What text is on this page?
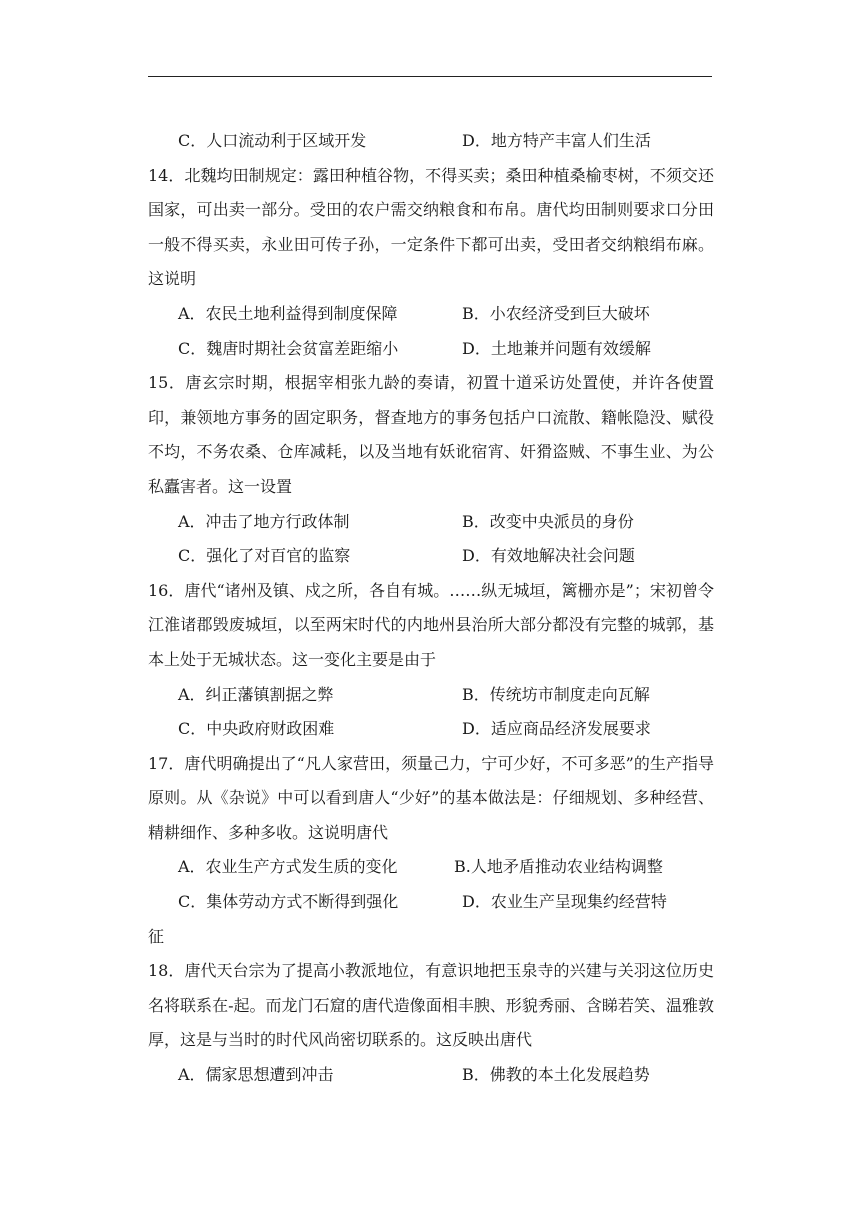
C．人口流动利于区域开发	D．地方特产丰富人们生活
14．北魏均田制规定：露田种植谷物，不得买卖；桑田种植桑榆枣树，不须交还国家，可出卖一部分。受田的农户需交纳粮食和布帛。唐代均田制则要求口分田一般不得买卖，永业田可传子孙，一定条件下都可出卖，受田者交纳粮绢布麻。这说明
A．农民土地利益得到制度保障	B．小农经济受到巨大破坏
C．魏唐时期社会贫富差距缩小	D．土地兼并问题有效缓解
15．唐玄宗时期，根据宰相张九龄的奏请，初置十道采访处置使，并许各使置印，兼领地方事务的固定职务，督查地方的事务包括户口流散、籍帐隐没、赋役不均，不务农桑、仓库减耗，以及当地有妖讹宿宵、奸猾盗贼、不事生业、为公私蠹害者。这一设置
A．冲击了地方行政体制	B．改变中央派员的身份
C．强化了对百官的监察	D．有效地解决社会问题
16．唐代“诸州及镇、戍之所，各自有城。……纵无城垣，篱栅亦是”；宋初曾令江淮诸郡毁废城垣，以至两宋时代的内地州县治所大部分都没有完整的城郭，基本上处于无城状态。这一变化主要是由于
A．纠正藩镇割据之弊	B．传统坊市制度走向瓦解
C．中央政府财政困难	D．适应商品经济发展要求
17．唐代明确提出了“凡人家营田，须量己力，宁可少好，不可多恶”的生产指导原则。从《杂说》中可以看到唐人“少好”的基本做法是：仔细规划、多种经营、精耕细作、多种多收。这说明唐代
A．农业生产方式发生质的变化	B.人地矛盾推动农业结构调整
C．集体劳动方式不断得到强化	D．农业生产呈现集约经营特
征
18．唐代天台宗为了提高小教派地位，有意识地把玉泉寺的兴建与关羽这位历史名将联系在-起。而龙门石窟的唐代造像面相丰腴、形貌秀丽、含睇若笑、温雅敦厚，这是与当时的时代风尚密切联系的。这反映出唐代
A．儒家思想遭到冲击	B．佛教的本土化发展趋势
